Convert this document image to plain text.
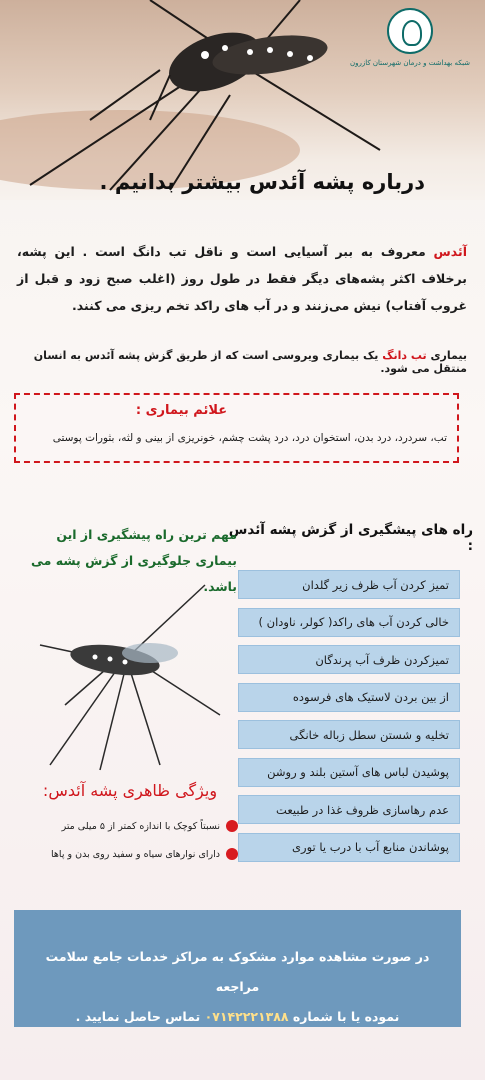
شبکه بهداشت و درمان شهرستان کازرون
درباره پشه آئدس بیشتر بدانیم .
آئدس معروف به ببر آسیایی است و ناقل تب دانگ است . این پشه، برخلاف اکثر پشه‌های دیگر فقط در طول روز (اغلب صبح زود و قبل از غروب آفتاب) نیش می‌زنند و در آب های راکد تخم ریزی می کنند.
بیماری تب دانگ یک بیماری ویروسی است که از طریق گزش پشه آئدس به انسان منتقل می شود.
علائم بیماری :
تب، سردرد، درد بدن، استخوان درد، درد پشت چشم، خونریزی از بینی و لثه، بثورات پوستی
راه های پیشگیری از گزش پشه آئدس :
مهم ترین راه پیشگیری از این بیماری جلوگیری از گزش پشه می باشد.	تمیز کردن آب ظرف زیر گلدان
خالی کردن آب های راکد( کولر، ناودان )
تمیزکردن ظرف آب پرندگان
از بین بردن لاستیک های فرسوده
تخلیه و شستن سطل زباله خانگی
پوشیدن لباس های آستین بلند و روشن
عدم رهاسازی ظروف غذا در طبیعت
پوشاندن منابع آب با درب یا توری
ویژگی ظاهری پشه آئدس:
نسبتاً کوچک با اندازه کمتر از ۵ میلی متر
دارای نوارهای سیاه و سفید روی بدن و پاها
در صورت مشاهده موارد مشکوک به مراکز خدمات جامع سلامت مراجعه
نموده یا با شماره ۰۷۱۴۲۲۲۱۳۸۸ تماس حاصل نمایید .
